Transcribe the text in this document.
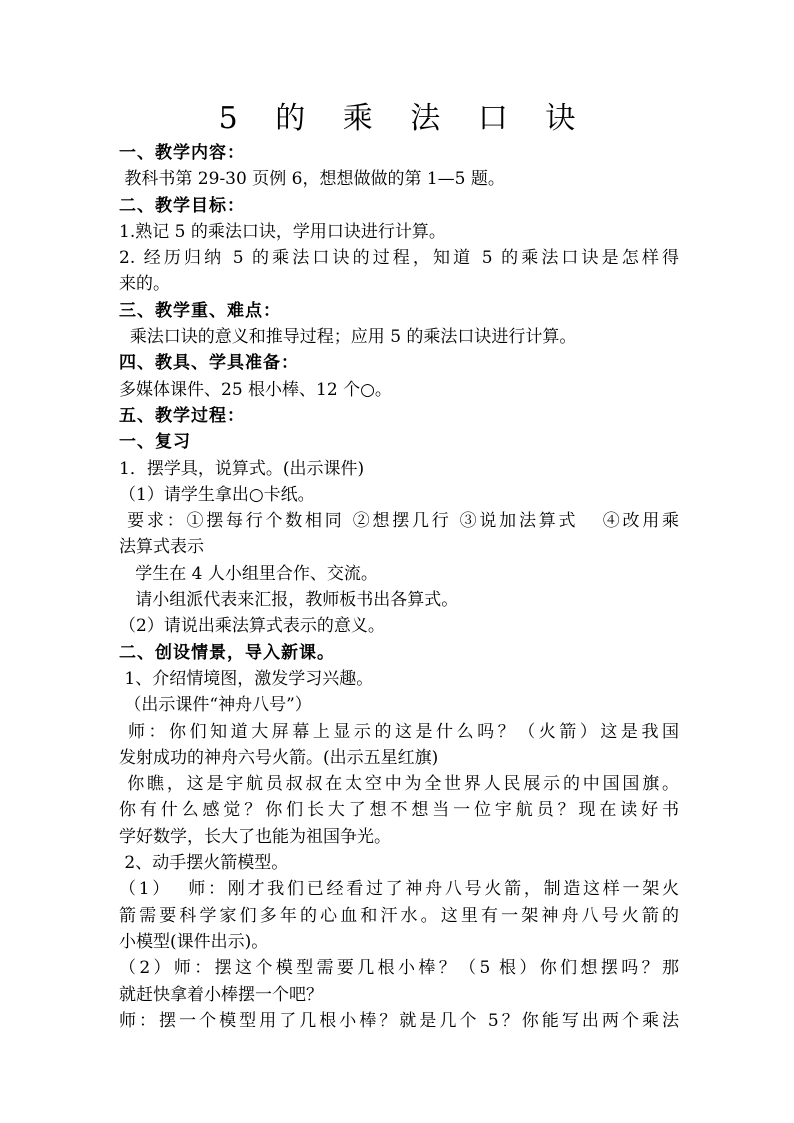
5 的 乘 法 口 诀

一、教学内容：

教科书第 29-30 页例 6，想想做做的第 1—5 题。

二、教学目标：

1.熟记 5 的乘法口诀，学用口诀进行计算。

2. 经历归纳 5 的乘法口诀的过程，知道 5 的乘法口诀是怎样得

来的。

三、教学重、难点：

乘法口诀的意义和推导过程；应用 5 的乘法口诀进行计算。

四、教具、学具准备：

多媒体课件、25 根小棒、12 个○。

五、教学过程：

一、复习

1．摆学具，说算式。(出示课件)

（1）请学生拿出○卡纸。

要求：①摆每行个数相同 ②想摆几行 ③说加法算式   ④改用乘

法算式表示

学生在 4 人小组里合作、交流。

请小组派代表来汇报，教师板书出各算式。

（2）请说出乘法算式表示的意义。

二、创设情景，导入新课。

1、介绍情境图，激发学习兴趣。

（出示课件“神舟八号”）

师：你们知道大屏幕上显示的这是什么吗？（火箭）这是我国

发射成功的神舟六号火箭。(出示五星红旗)

你瞧，这是宇航员叔叔在太空中为全世界人民展示的中国国旗。

你有什么感觉？你们长大了想不想当一位宇航员？现在读好书

学好数学，长大了也能为祖国争光。

2、动手摆火箭模型。

（1）  师：刚才我们已经看过了神舟八号火箭，制造这样一架火

箭需要科学家们多年的心血和汗水。这里有一架神舟八号火箭的

小模型(课件出示)。

（2）师：摆这个模型需要几根小棒？（5 根）你们想摆吗？那

就赶快拿着小棒摆一个吧？

师：摆一个模型用了几根小棒？就是几个 5？你能写出两个乘法
